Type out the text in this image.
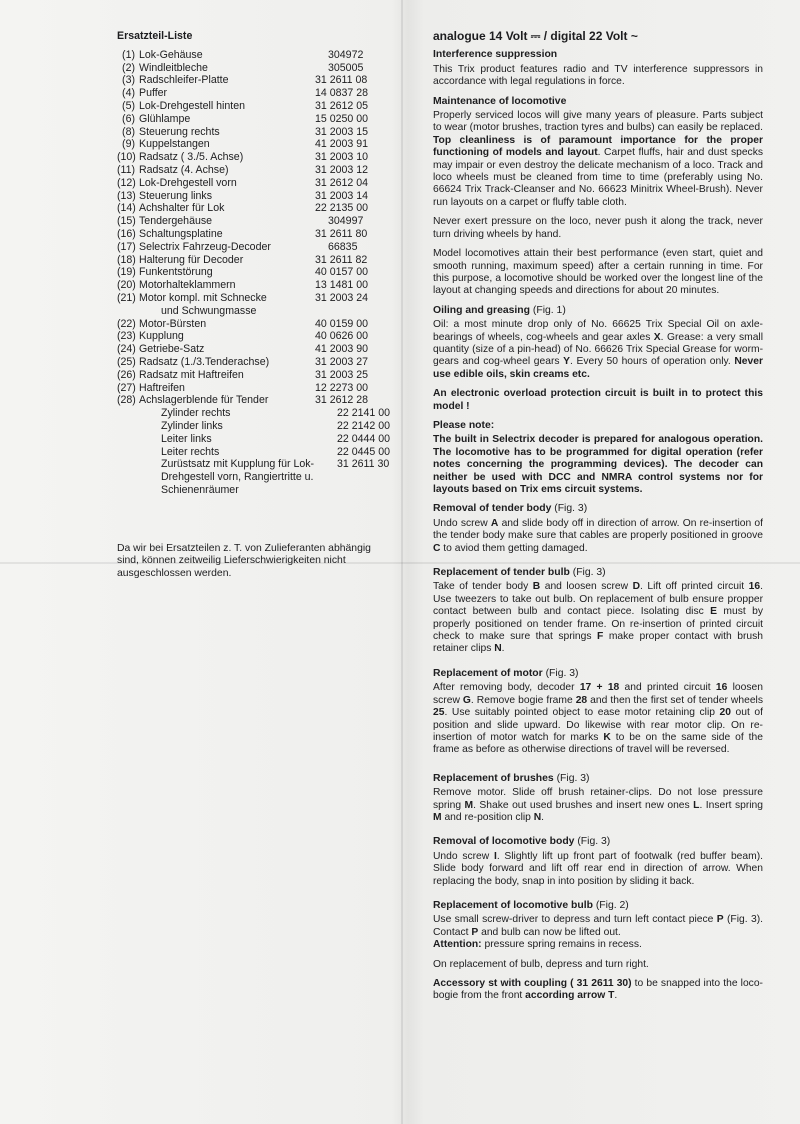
Ersatzteil-Liste
(1) Lok-Gehäuse	304972
(2) Windleitbleche	305005
(3) Radschleifer-Platte	31 2611 08
(4) Puffer	14 0837 28
(5) Lok-Drehgestell hinten	31 2612 05
(6) Glühlampe	15 0250 00
(8) Steuerung rechts	31 2003 15
(9) Kuppelstangen	41 2003 91
(10) Radsatz ( 3./5. Achse)	31 2003 10
(11) Radsatz (4. Achse)	31 2003 12
(12) Lok-Drehgestell vorn	31 2612 04
(13) Steuerung links	31 2003 14
(14) Achshalter für Lok	22 2135 00
(15) Tendergehäuse	304997
(16) Schaltungsplatine	31 2611 80
(17) Selectrix Fahrzeug-Decoder	66835
(18) Halterung für Decoder	31 2611 82
(19) Funkentstörung	40 0157 00
(20) Motorhalteklammern	13 1481 00
(21) Motor kompl. mit Schnecke	31 2003 24
und Schwungmasse
(22) Motor-Bürsten	40 0159 00
(23) Kupplung	40 0626 00
(24) Getriebe-Satz	41 2003 90
(25) Radsatz (1./3.Tenderachse)	31 2003 27
(26) Radsatz mit Haftreifen	31 2003 25
(27) Haftreifen	12 2273 00
(28) Achslagerblende für Tender	31 2612 28
Zylinder rechts	22 2141 00
Zylinder links	22 2142 00
Leiter links	22 0444 00
Leiter rechts	22 0445 00
Zurüstsatz mit Kupplung für Lok-	31 2611 30
Drehgestell vorn, Rangiertritte u.
Schienenräumer
Da wir bei Ersatzteilen z. T. von Zulieferanten abhängig sind, können zeitweilig Lieferschwierigkeiten nicht ausgeschlossen werden.
analogue 14 Volt ⎓ / digital 22 Volt ~
Interference suppression

This Trix product features radio and TV interference suppressors in accordance with legal regulations in force.

Maintenance of locomotive

Properly serviced locos will give many years of pleasure. Parts subject to wear (motor brushes, traction tyres and bulbs) can easily be replaced. Top cleanliness is of paramount importance for the proper functioning of models and layout. Carpet fluffs, hair and dust specks may impair or even destroy the delicate mechanism of a loco. Track and loco wheels must be cleaned from time to time (preferably using No. 66624 Trix Track-Cleanser and No. 66623 Minitrix Wheel-Brush). Never run layouts on a carpet or fluffy table cloth.

Never exert pressure on the loco, never push it along the track, never turn driving wheels by hand.

Model locomotives attain their best performance (even start, quiet and smooth running, maximum speed) after a certain running in time. For this purpose, a locomotive should be worked over the longest line of the layout at changing speeds and directions for about 20 minutes.

Oiling and greasing (Fig. 1)

Oil: a most minute drop only of No. 66625 Trix Special Oil on axle-bearings of wheels, cog-wheels and gear axles X. Grease: a very small quantity (size of a pin-head) of No. 66626 Trix Special Grease for worm-gears and cog-wheel gears Y. Every 50 hours of operation only. Never use edible oils, skin creams etc.

An electronic overload protection circuit is built in to protect this model !

Please note:

The built in Selectrix decoder is prepared for analogous operation. The locomotive has to be programmed for digital operation (refer notes concerning the programming devices). The decoder can neither be used with DCC and NMRA control systems nor for layouts based on Trix ems circuit systems.

Removal of tender body (Fig. 3)

Undo screw A and slide body off in direction of arrow. On re-insertion of the tender body make sure that cables are properly positioned in groove C to aviod them getting damaged.

Replacement of tender bulb (Fig. 3)

Take of tender body B and loosen screw D. Lift off printed circuit 16. Use tweezers to take out bulb. On replacement of bulb ensure propper contact between bulb and contact piece. Isolating disc E must by properly positioned on tender frame. On re-insertion of printed circuit check to make sure that springs F make proper contact with brush retainer clips N.

Replacement of motor (Fig. 3)

After removing body, decoder 17 + 18 and printed circuit 16 loosen screw G. Remove bogie frame 28 and then the first set of tender wheels 25. Use suitably pointed object to ease motor retaining clip 20 out of position and slide upward. Do likewise with rear motor clip. On re-insertion of motor watch for marks K to be on the same side of the frame as before as otherwise directions of travel will be reversed.

Replacement of brushes (Fig. 3)

Remove motor. Slide off brush retainer-clips. Do not lose pressure spring M. Shake out used brushes and insert new ones L. Insert spring M and re-position clip N.

Removal of locomotive body (Fig. 3)

Undo screw I. Slightly lift up front part of footwalk (red buffer beam). Slide body forward and lift off rear end in direction of arrow. When replacing the body, snap in into position by sliding it back.

Replacement of locomotive bulb (Fig. 2)

Use small screw-driver to depress and turn left contact piece P (Fig. 3). Contact P and bulb can now be lifted out.
Attention: pressure spring remains in recess.

On replacement of bulb, depress and turn right.

Accessory st with coupling ( 31 2611 30) to be snapped into the loco-bogie from the front according arrow T.
